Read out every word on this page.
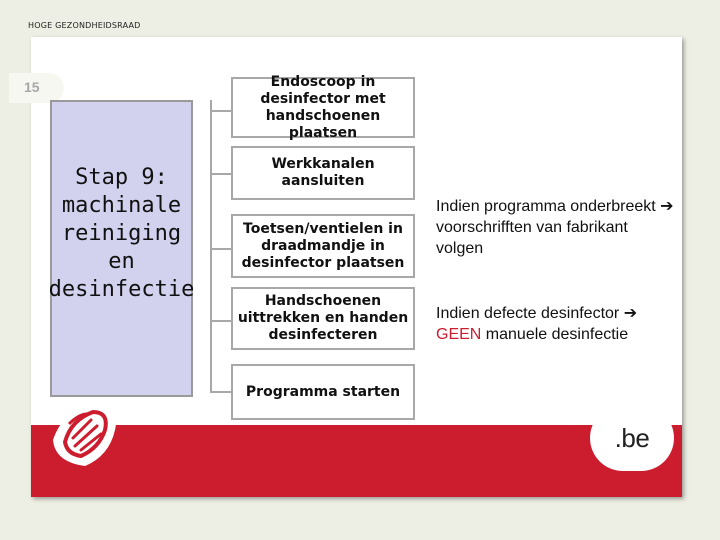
HOGE GEZONDHEIDSRAAD
15
Stap 9:
machinale
reiniging
en
desinfectie
Endoscoop in desinfector met handschoenen plaatsen
Werkkanalen aansluiten
Toetsen/ventielen in draadmandje in desinfector plaatsen
Handschoenen uittrekken en handen desinfecteren
Programma starten
Indien programma onderbreekt ➔ voorschrifften van fabrikant volgen
Indien defecte desinfector ➔ GEEN manuele desinfectie
.be
